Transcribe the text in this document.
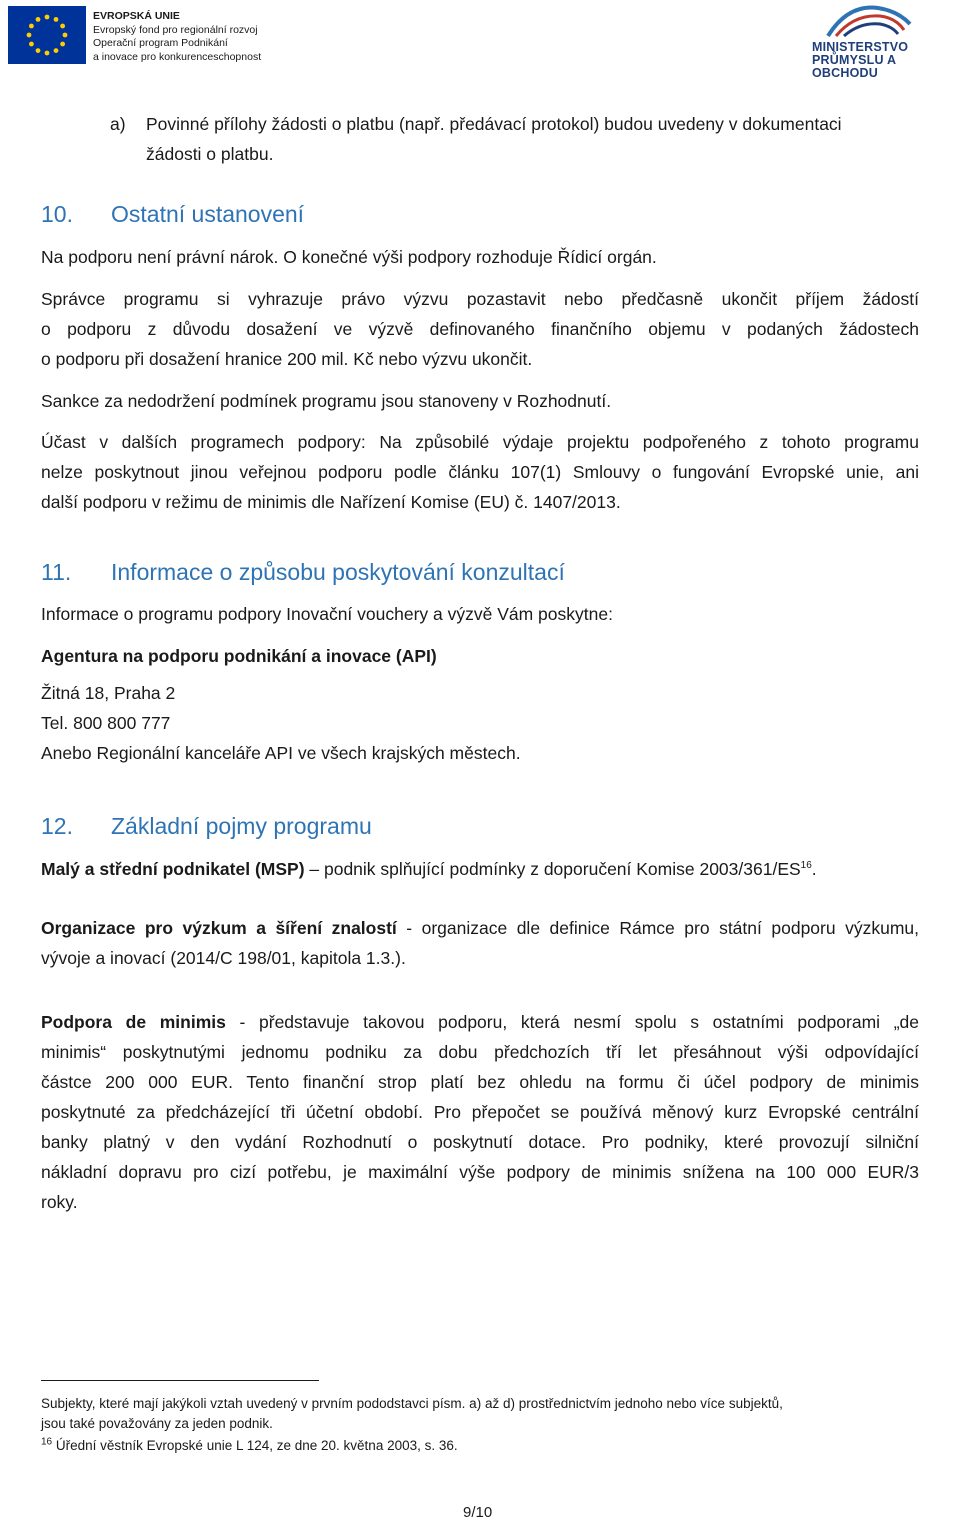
EVROPSKÁ UNIE
Evropský fond pro regionální rozvoj
Operační program Podnikání
a inovace pro konkurenceschopnost
MINISTERSTVO
PRŮMYSLU A OBCHODU
a) Povinné přílohy žádosti o platbu (např. předávací protokol) budou uvedeny v dokumentaci
žádosti o platbu.
10. Ostatní ustanovení
Na podporu není právní nárok. O konečné výši podpory rozhoduje Řídicí orgán.
Správce programu si vyhrazuje právo výzvu pozastavit nebo předčasně ukončit příjem žádostí
o podporu z důvodu dosažení ve výzvě definovaného finančního objemu v podaných žádostech
o podporu při dosažení hranice 200 mil. Kč nebo výzvu ukončit.
Sankce za nedodržení podmínek programu jsou stanoveny v Rozhodnutí.
Účast v dalších programech podpory: Na způsobilé výdaje projektu podpořeného z tohoto programu
nelze poskytnout jinou veřejnou podporu podle článku 107(1) Smlouvy o fungování Evropské unie, ani
další podporu v režimu de minimis dle Nařízení Komise (EU) č. 1407/2013.
11. Informace o způsobu poskytování konzultací
Informace o programu podpory Inovační vouchery a výzvě Vám poskytne:
Agentura na podporu podnikání a inovace (API)
Žitná 18, Praha 2
Tel. 800 800 777
Anebo Regionální kanceláře API ve všech krajských městech.
12. Základní pojmy programu
Malý a střední podnikatel (MSP) – podnik splňující podmínky z doporučení Komise 2003/361/ES$^{16}$.
Organizace pro výzkum a šíření znalostí - organizace dle definice Rámce pro státní podporu výzkumu,
vývoje a inovací (2014/C 198/01, kapitola 1.3.).
Podpora de minimis - představuje takovou podporu, která nesmí spolu s ostatními podporami „de
minimis“ poskytnutými jednomu podniku za dobu předchozích tří let přesáhnout výši odpovídající
částce 200 000 EUR. Tento finanční strop platí bez ohledu na formu či účel podpory de minimis
poskytnuté za předcházející tři účetní období. Pro přepočet se používá měnový kurz Evropské centrální
banky platný v den vydání Rozhodnutí o poskytnutí dotace. Pro podniky, které provozují silniční
nákladní dopravu pro cizí potřebu, je maximální výše podpory de minimis snížena na 100 000 EUR/3
roky.
Subjekty, které mají jakýkoli vztah uvedený v prvním pododstavci písm. a) až d) prostřednictvím jednoho nebo více subjektů,
jsou také považovány za jeden podnik.
$^{16}$ Úřední věstník Evropské unie L 124, ze dne 20. května 2003, s. 36.
9/10
